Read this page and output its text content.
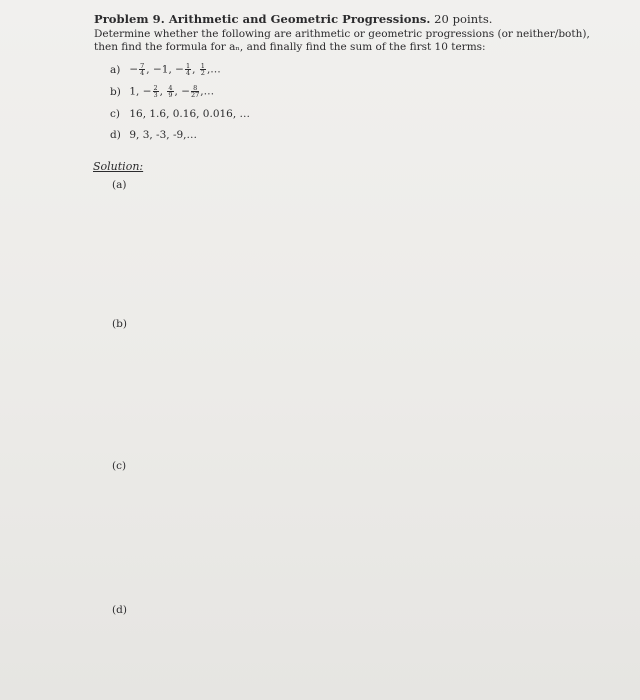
Problem 9. Arithmetic and Geometric Progressions. 20 points.
Determine whether the following are arithmetic or geometric progressions (or neither/both), then find the formula for aₙ, and finally find the sum of the first 10 terms:
$a) - \frac{7}{4}$ , −1, − $\frac{1}{4}$ , $\frac{1}{2}$ ,…
b) 1, − $\frac{2}{3}$ , $\frac{4}{9}$ , − $\frac{8}{27}$ ,…
c) 16, 1.6, 0.16, 0.016, …
d) 9, 3, -3, -9,…
Solution:
(a)
(b)
(c)
(d)
